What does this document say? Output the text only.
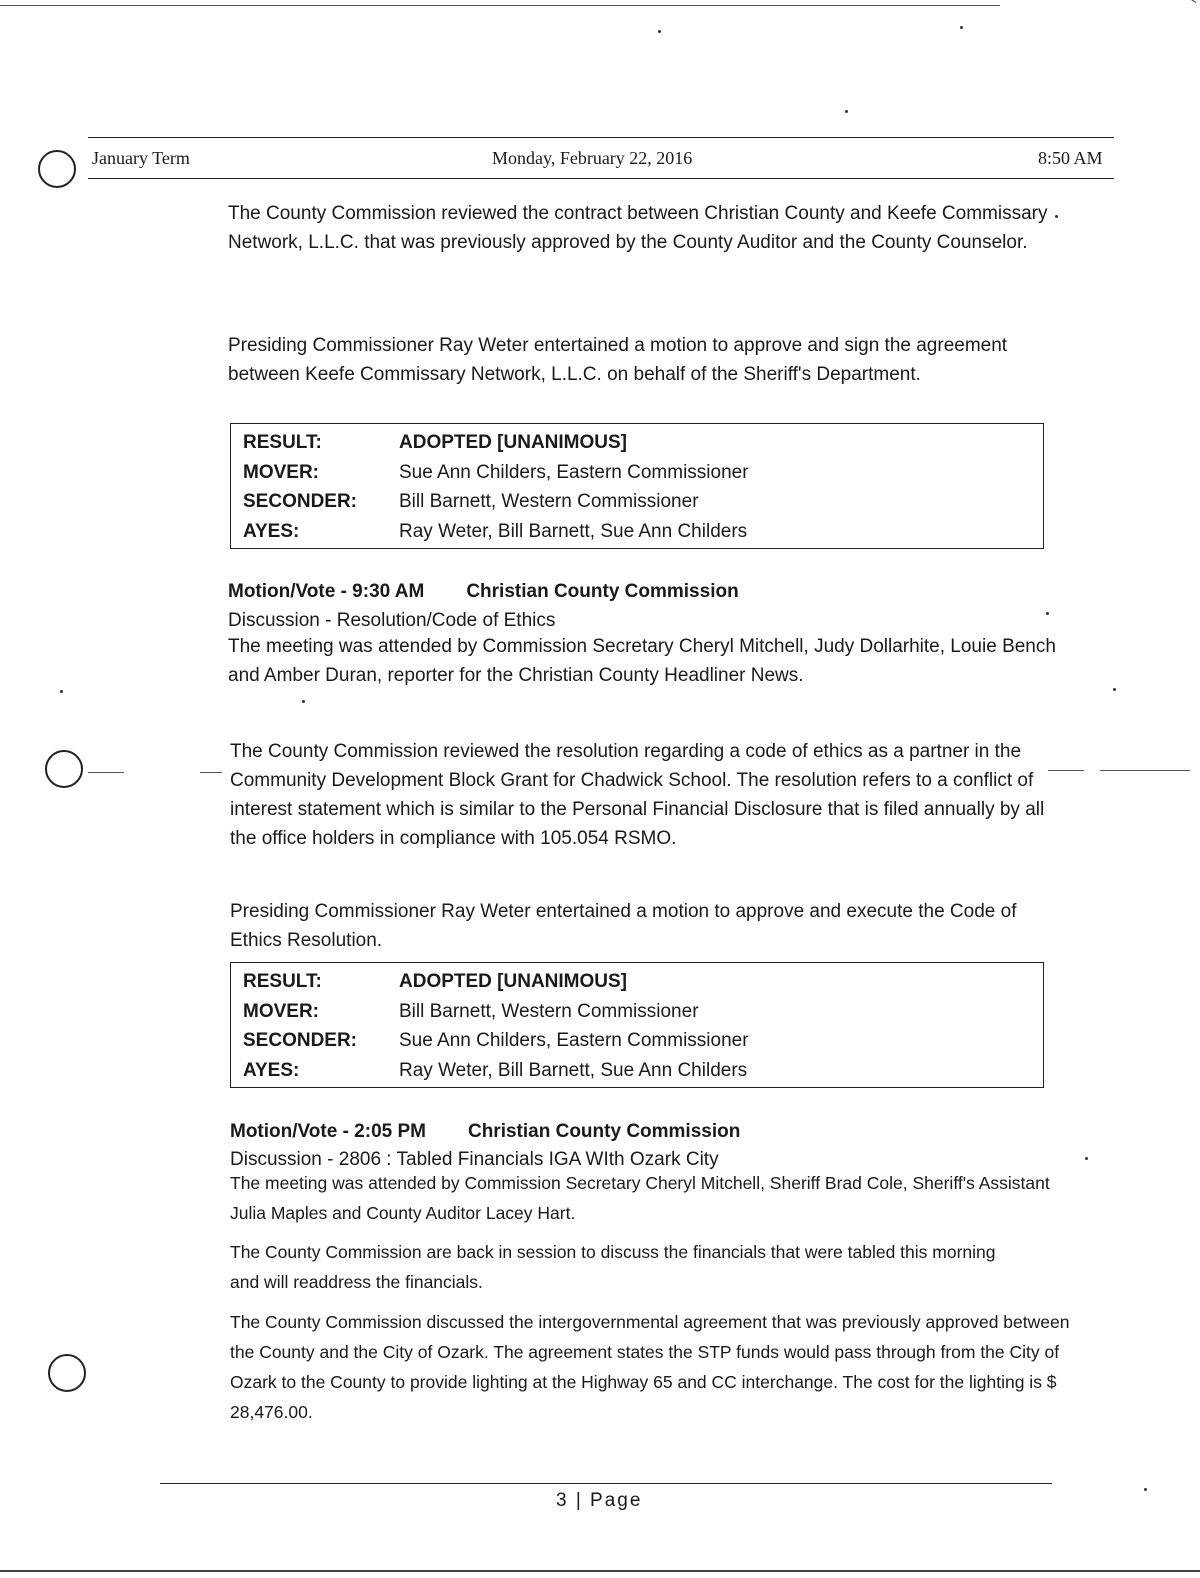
January Term	Monday, February 22, 2016	8:50 AM
The County Commission reviewed the contract between Christian County and Keefe Commissary Network, L.L.C. that was previously approved by the County Auditor and the County Counselor.
Presiding Commissioner Ray Weter entertained a motion to approve and sign the agreement between Keefe Commissary Network, L.L.C. on behalf of the Sheriff's Department.
RESULT:	ADOPTED [UNANIMOUS]
MOVER:	Sue Ann Childers, Eastern Commissioner
SECONDER:	Bill Barnett, Western Commissioner
AYES:	Ray Weter, Bill Barnett, Sue Ann Childers
Motion/Vote - 9:30 AM Christian County Commission
Discussion - Resolution/Code of Ethics
The meeting was attended by Commission Secretary Cheryl Mitchell, Judy Dollarhite, Louie Bench and Amber Duran, reporter for the Christian County Headliner News.
The County Commission reviewed the resolution regarding a code of ethics as a partner in the Community Development Block Grant for Chadwick School. The resolution refers to a conflict of interest statement which is similar to the Personal Financial Disclosure that is filed annually by all the office holders in compliance with 105.054 RSMO.
Presiding Commissioner Ray Weter entertained a motion to approve and execute the Code of Ethics Resolution.
RESULT:	ADOPTED [UNANIMOUS]
MOVER:	Bill Barnett, Western Commissioner
SECONDER:	Sue Ann Childers, Eastern Commissioner
AYES:	Ray Weter, Bill Barnett, Sue Ann Childers
Motion/Vote - 2:05 PM Christian County Commission
Discussion - 2806 : Tabled Financials IGA WIth Ozark City
The meeting was attended by Commission Secretary Cheryl Mitchell, Sheriff Brad Cole, Sheriff's Assistant Julia Maples and County Auditor Lacey Hart.
The County Commission are back in session to discuss the financials that were tabled this morning and will readdress the financials.
The County Commission discussed the intergovernmental agreement that was previously approved between the County and the City of Ozark. The agreement states the STP funds would pass through from the City of Ozark to the County to provide lighting at the Highway 65 and CC interchange. The cost for the lighting is $ 28,476.00.
3 | Page
